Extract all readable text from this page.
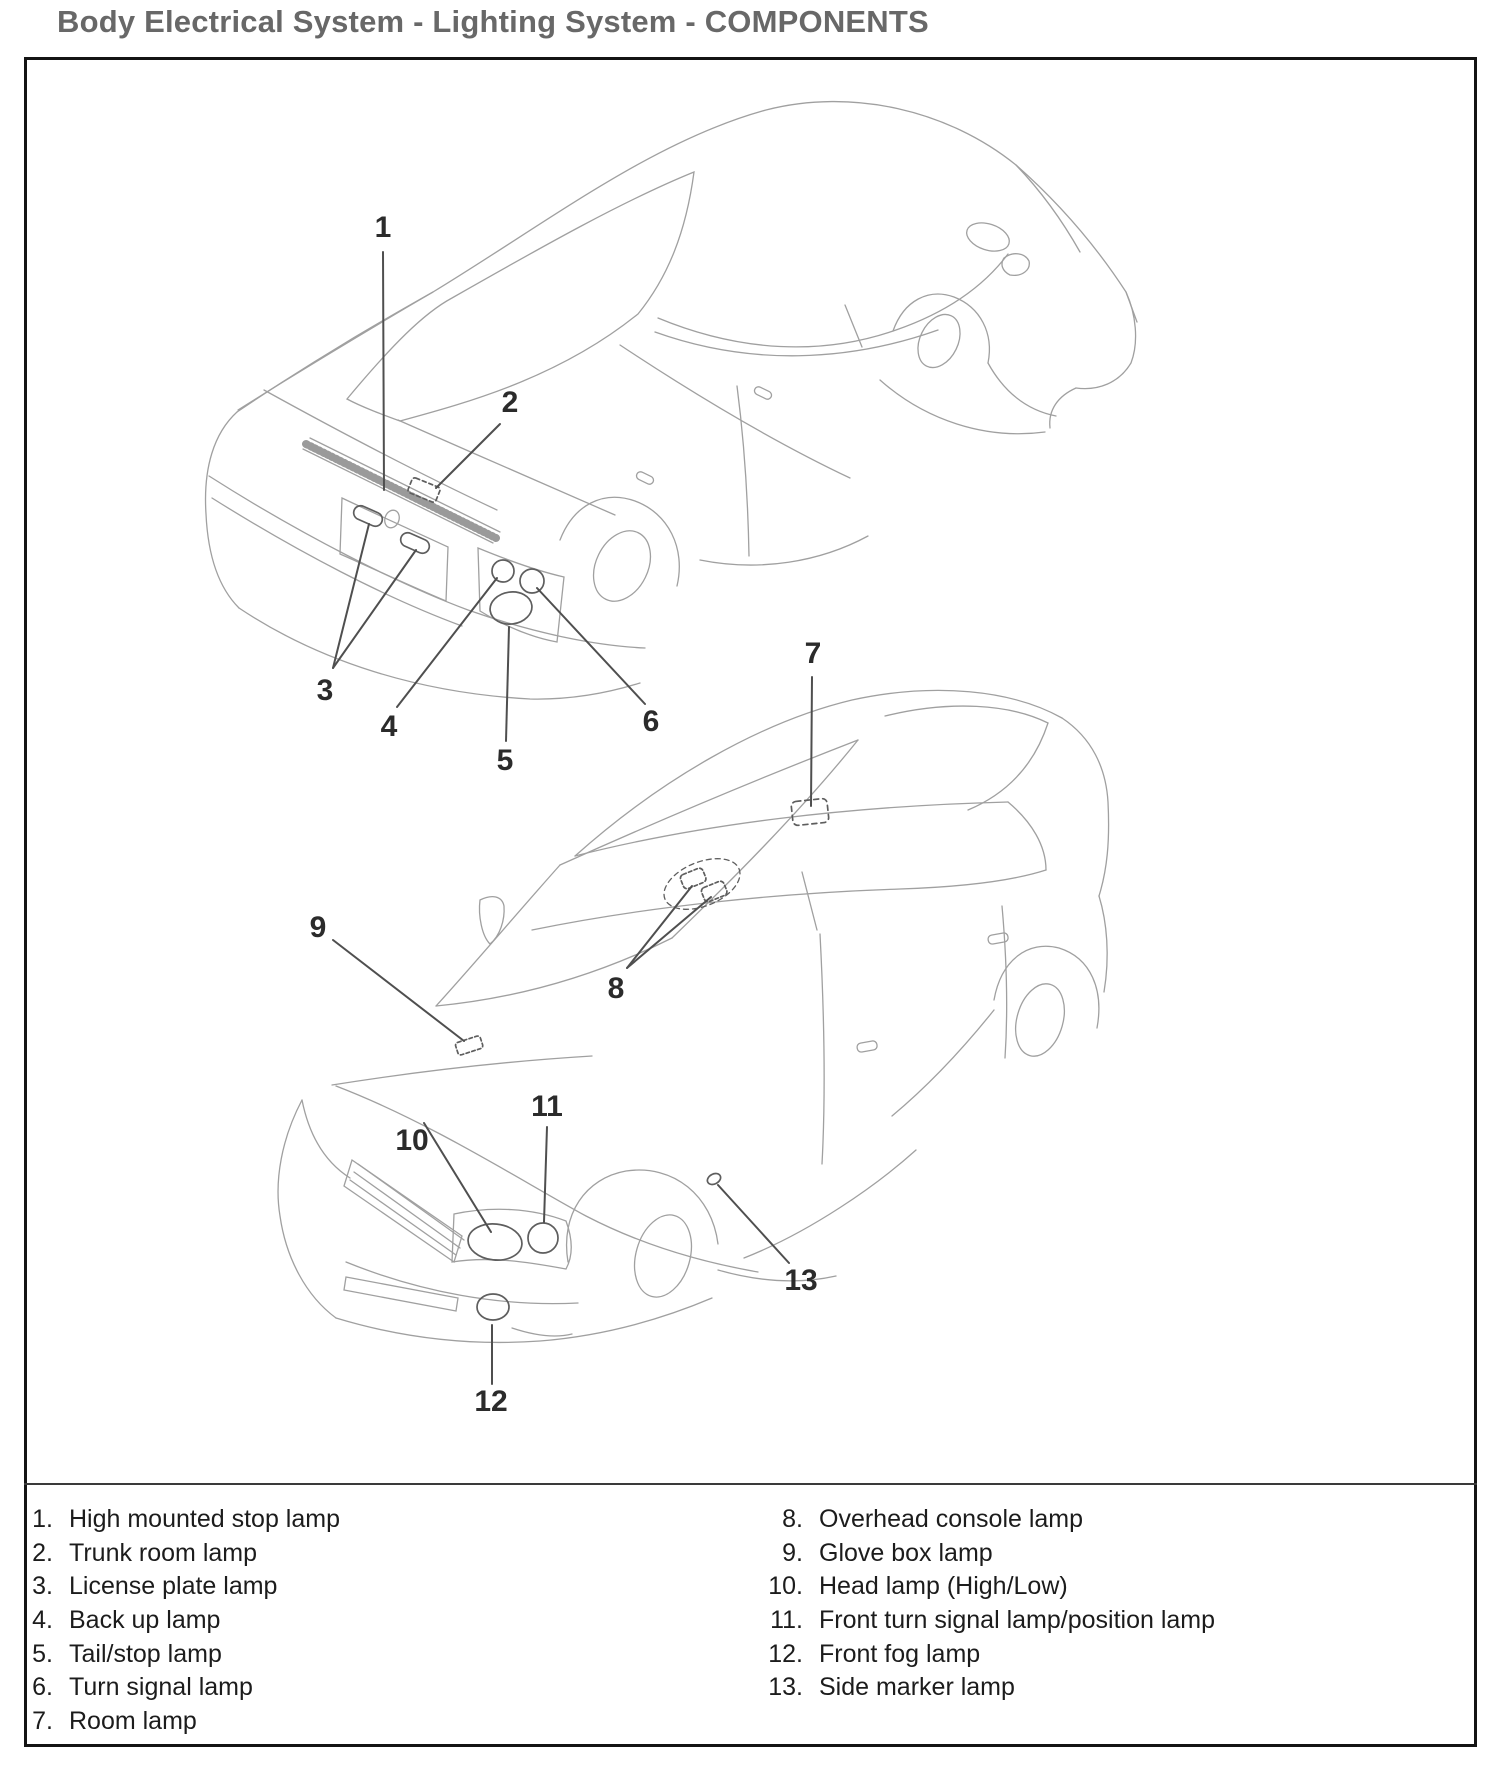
Body Electrical System - Lighting System - COMPONENTS
1
2
3
4
5
6
7
8
9
10
11
12
13
1. High mounted stop lamp
2. Trunk room lamp
3. License plate lamp
4. Back up lamp
5. Tail/stop lamp
6. Turn signal lamp
7. Room lamp
8. Overhead console lamp
9. Glove box lamp
10. Head lamp (High/Low)
11. Front turn signal lamp/position lamp
12. Front fog lamp
13. Side marker lamp
